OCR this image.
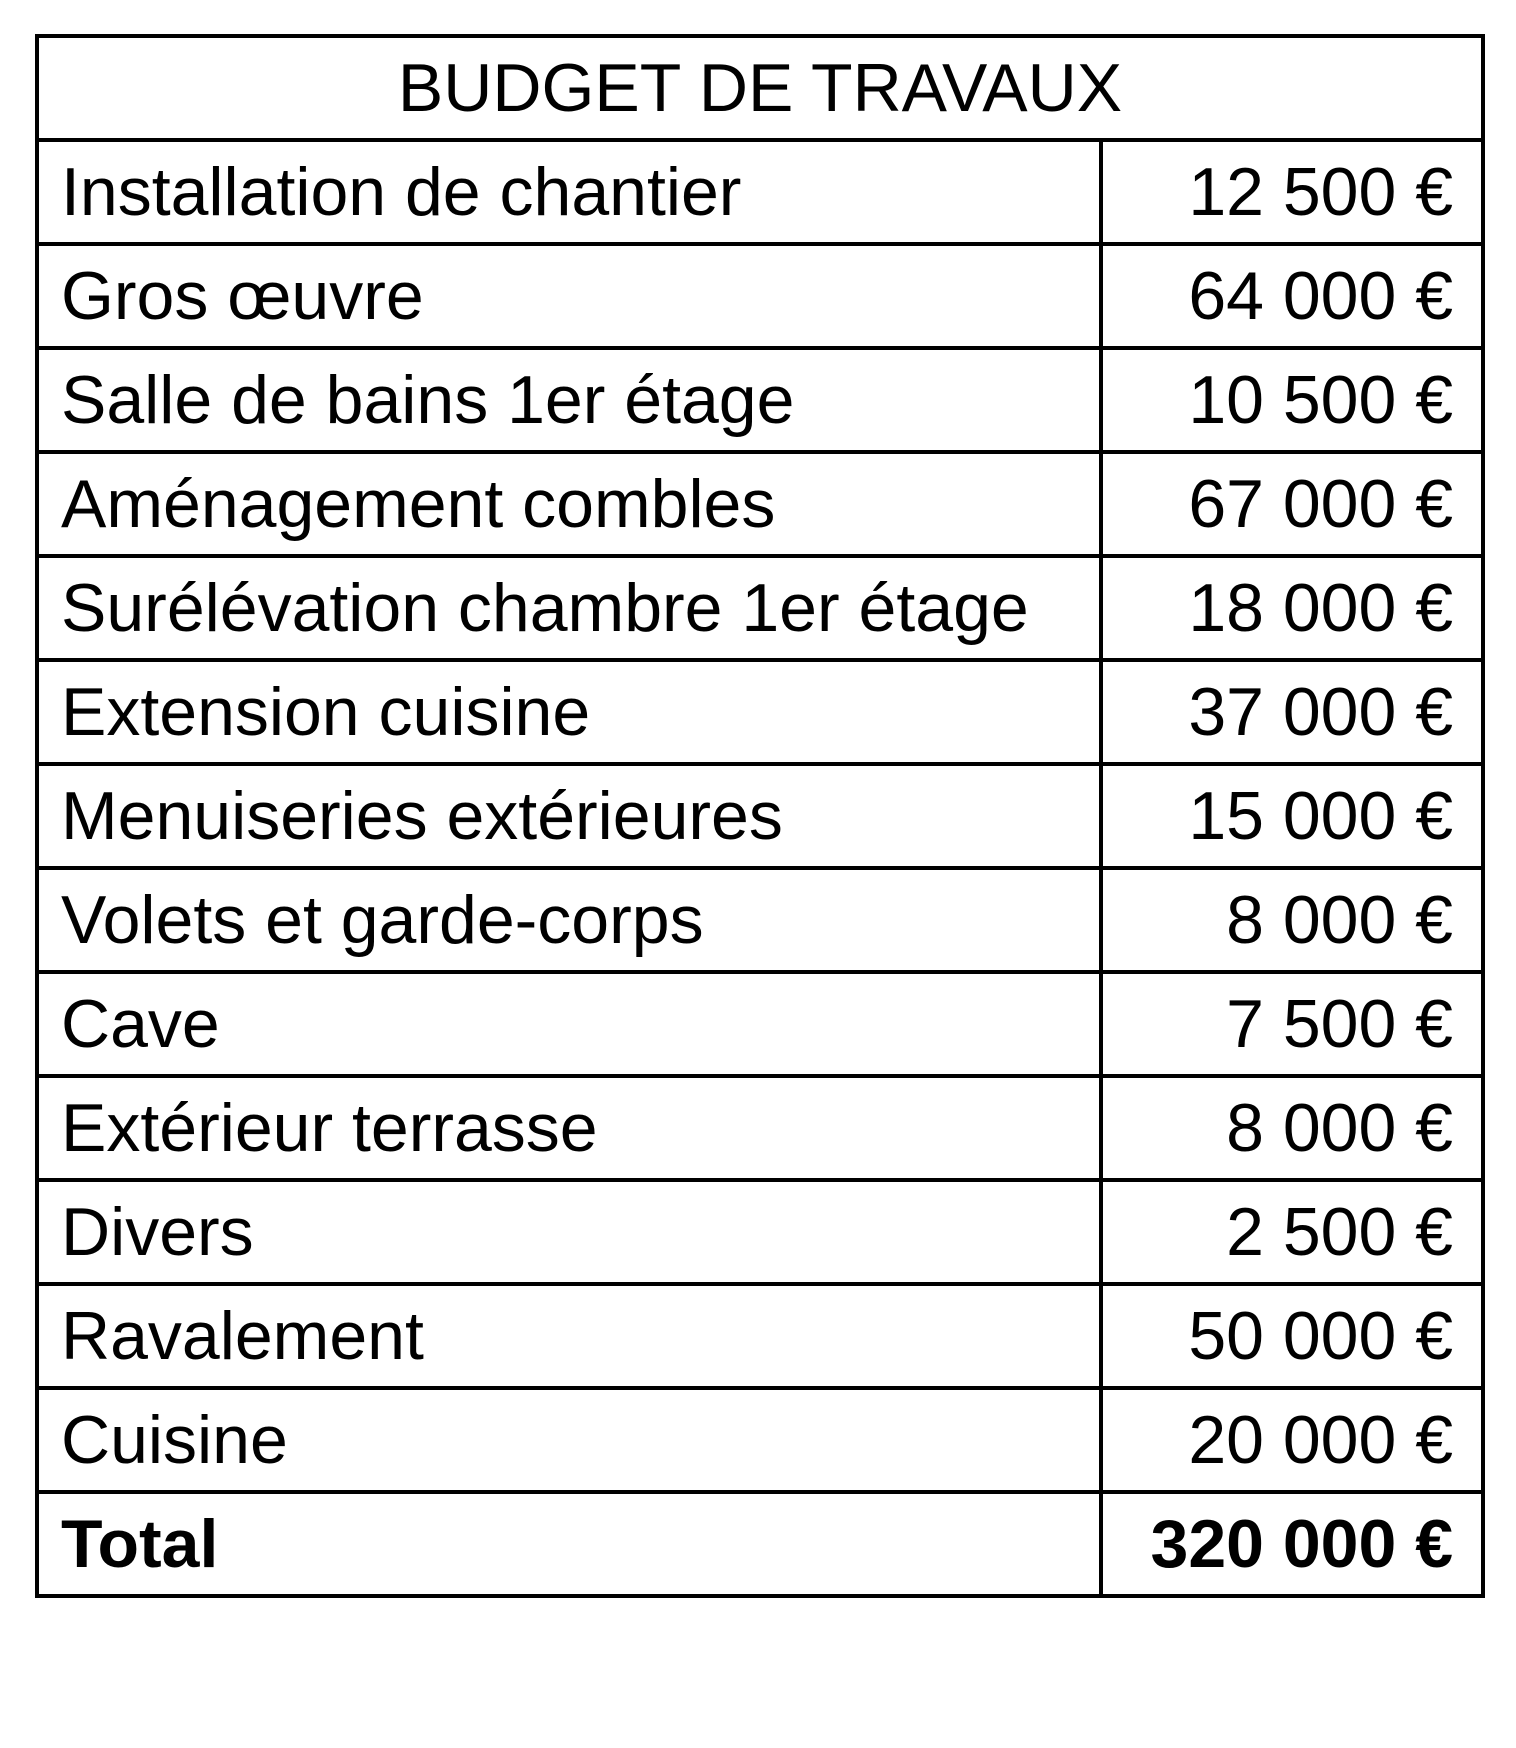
BUDGET DE TRAVAUX	
Installation de chantier	12 500 €
Gros œuvre	64 000 €
Salle de bains 1er étage	10 500 €
Aménagement combles	67 000 €
Surélévation chambre 1er étage	18 000 €
Extension cuisine	37 000 €
Menuiseries extérieures	15 000 €
Volets et garde-corps	8 000 €
Cave	7 500 €
Extérieur terrasse	8 000 €
Divers	2 500 €
Ravalement	50 000 €
Cuisine	20 000 €
Total	320 000 €
